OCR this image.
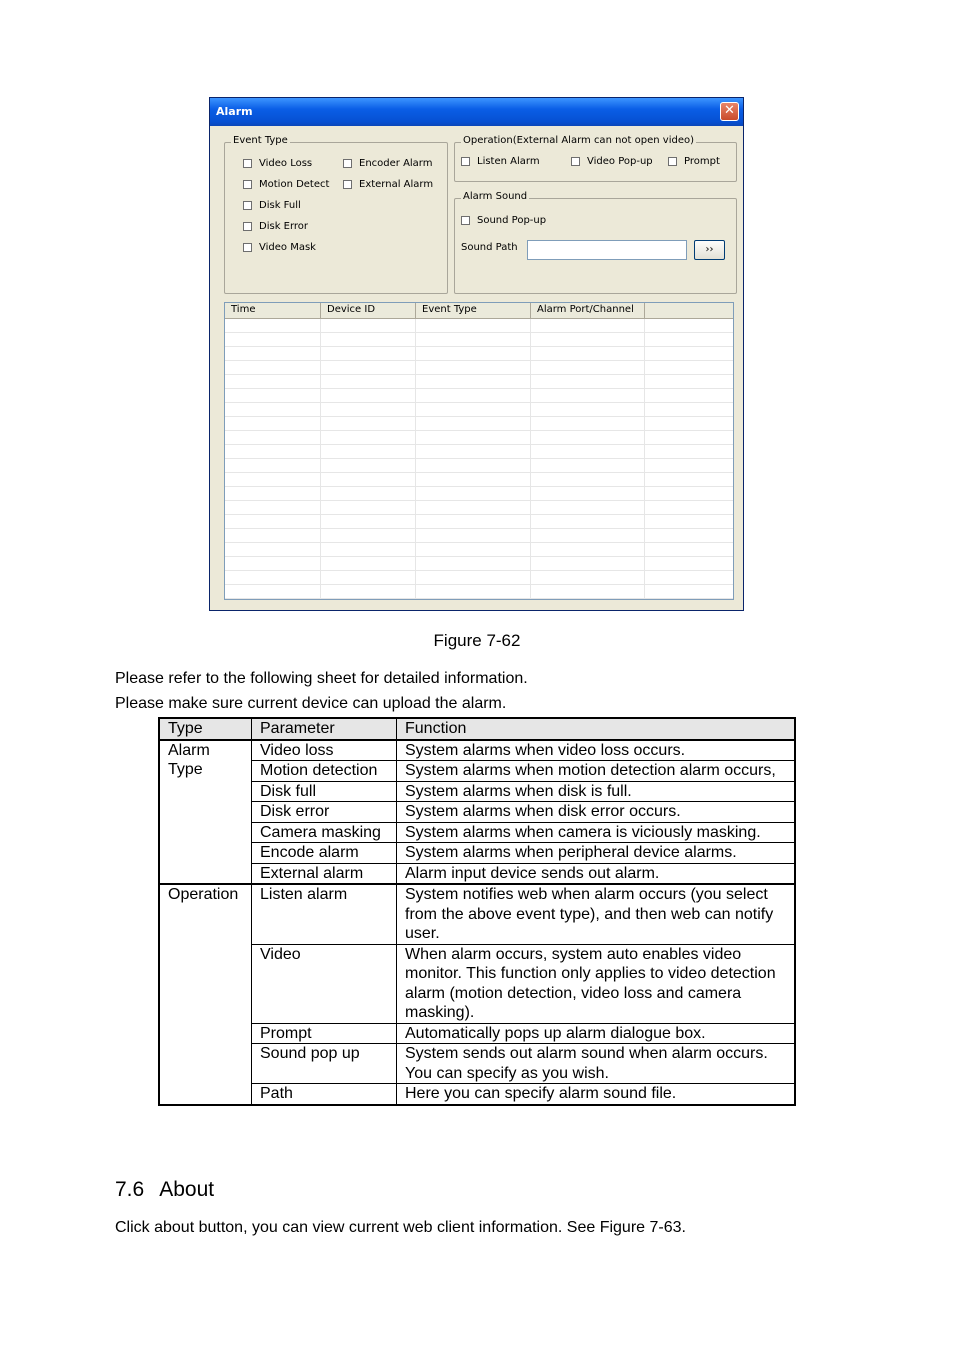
Alarm	✕
Event Type
Video Loss
Motion Detect
Disk Full
Disk Error
Video Mask
Encoder Alarm
External Alarm
Operation(External Alarm can not open video)
Listen Alarm	Video Pop-up	Prompt
Alarm Sound
Sound Pop-up
Sound Path	››
Time	Device ID	Event Type	Alarm Port/Channel
Figure 7-62
Please refer to the following sheet for detailed information.
Please make sure current device can upload the alarm.
Type	Parameter	Function
Alarm Type	Video loss	System alarms when video loss occurs.
	Motion detection	System alarms when motion detection alarm occurs,
	Disk full	System alarms when disk is full.
	Disk error	System alarms when disk error occurs.
	Camera masking	System alarms when camera is viciously masking.
	Encode alarm	System alarms when peripheral device alarms.
	External alarm	Alarm input device sends out alarm.
Operation	Listen alarm	System notifies web when alarm occurs (you select from the above event type), and then web can notify user.
	Video	When alarm occurs, system auto enables video monitor. This function only applies to video detection alarm (motion detection, video loss and camera masking).
	Prompt	Automatically pops up alarm dialogue box.
	Sound pop up	System sends out alarm sound when alarm occurs. You can specify as you wish.
	Path	Here you can specify alarm sound file.
7.6 About
Click about button, you can view current web client information. See Figure 7-63.
